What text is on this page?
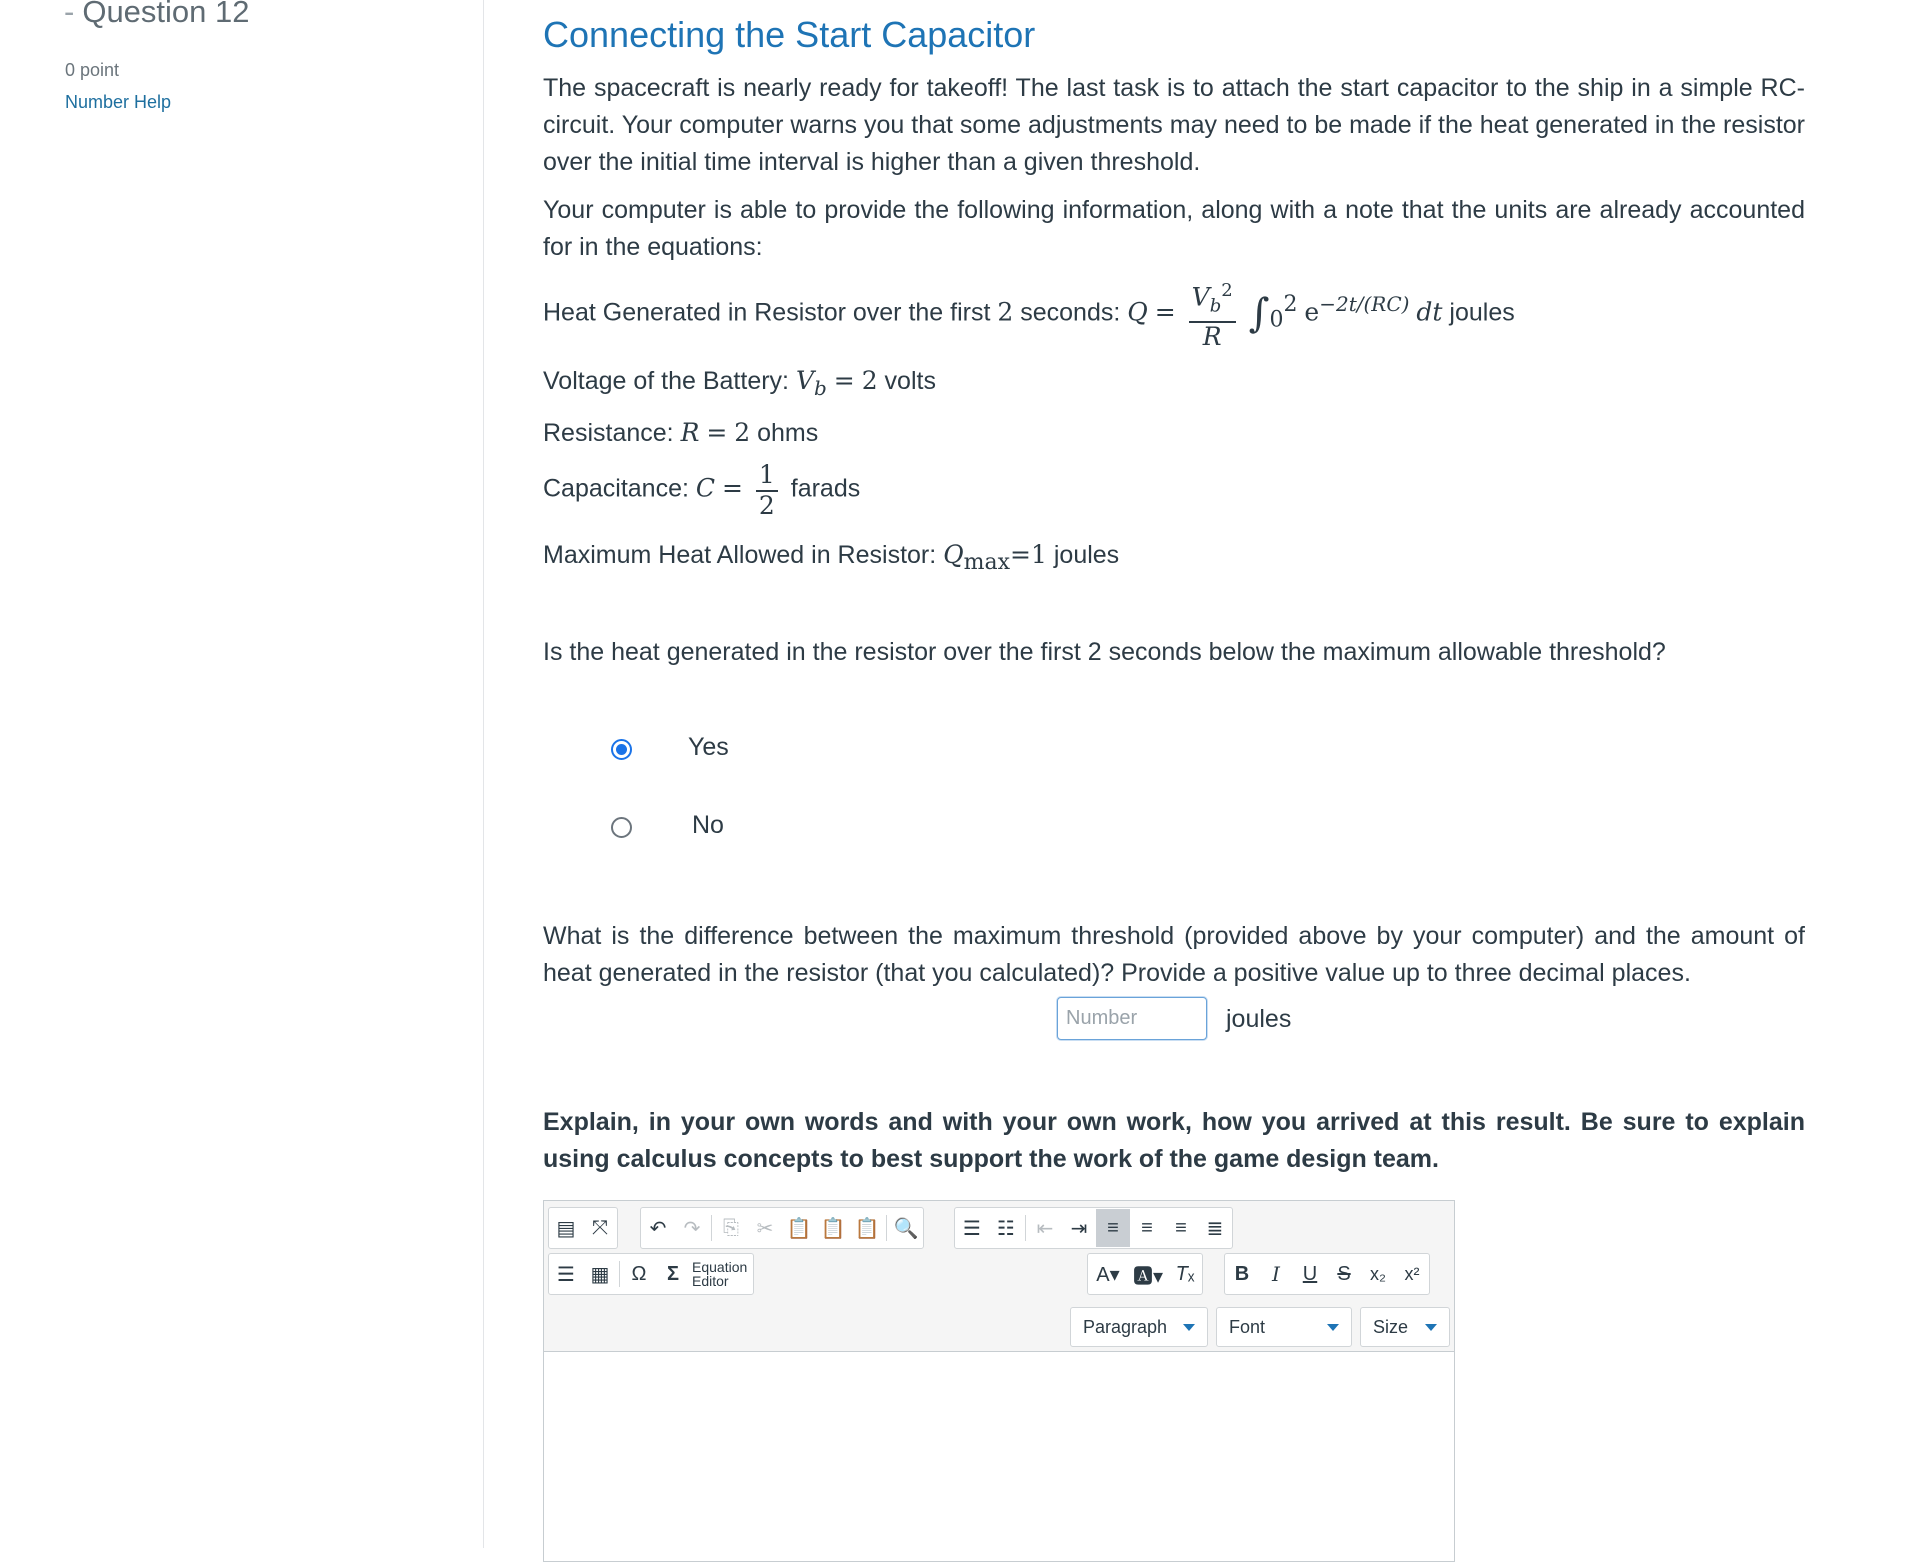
- Question 12
0 point
Number Help
Connecting the Start Capacitor

The spacecraft is nearly ready for takeoff! The last task is to attach the start capacitor to the ship in a simple RC-circuit. Your computer warns you that some adjustments may need to be made if the heat generated in the resistor over the initial time interval is higher than a given threshold.

Your computer is able to provide the following information, along with a note that the units are already accounted for in the equations:

Heat Generated in Resistor over the first 2 seconds: $Q = \frac{V_b^2}{R} \int_0^2$ $e^{-2t/(RC)}$ dt joules
Voltage of the Battery: $V_b = 2$ volts
Resistance: R = 2 ohms
Capacitance: $C = \frac{1}{2}$ farads
Maximum Heat Allowed in Resistor: $Q_{max}=1$ joules
Is the heat generated in the resistor over the first 2 seconds below the maximum allowable threshold?
Yes
No

What is the difference between the maximum threshold (provided above by your computer) and the amount of heat generated in the resistor (that you calculated)? Provide a positive value up to three decimal places.

Number
joules

Explain, in your own words and with your own work, how you arrived at this result. Be sure to explain using calculus concepts to best support the work of the game design team.

▤ ⤧	↶ ↷	⎘ ✂ 📋 📋 📋 🔍	☰ ☷	⇤ ⇥ ≡	≡	≡ ≣
☰ ▦	Ω	Σ Equation
Editor	A▾ 🅰▾ T ₓ	B	I	U	S	x₂	x²
Paragraph	Font	Size
